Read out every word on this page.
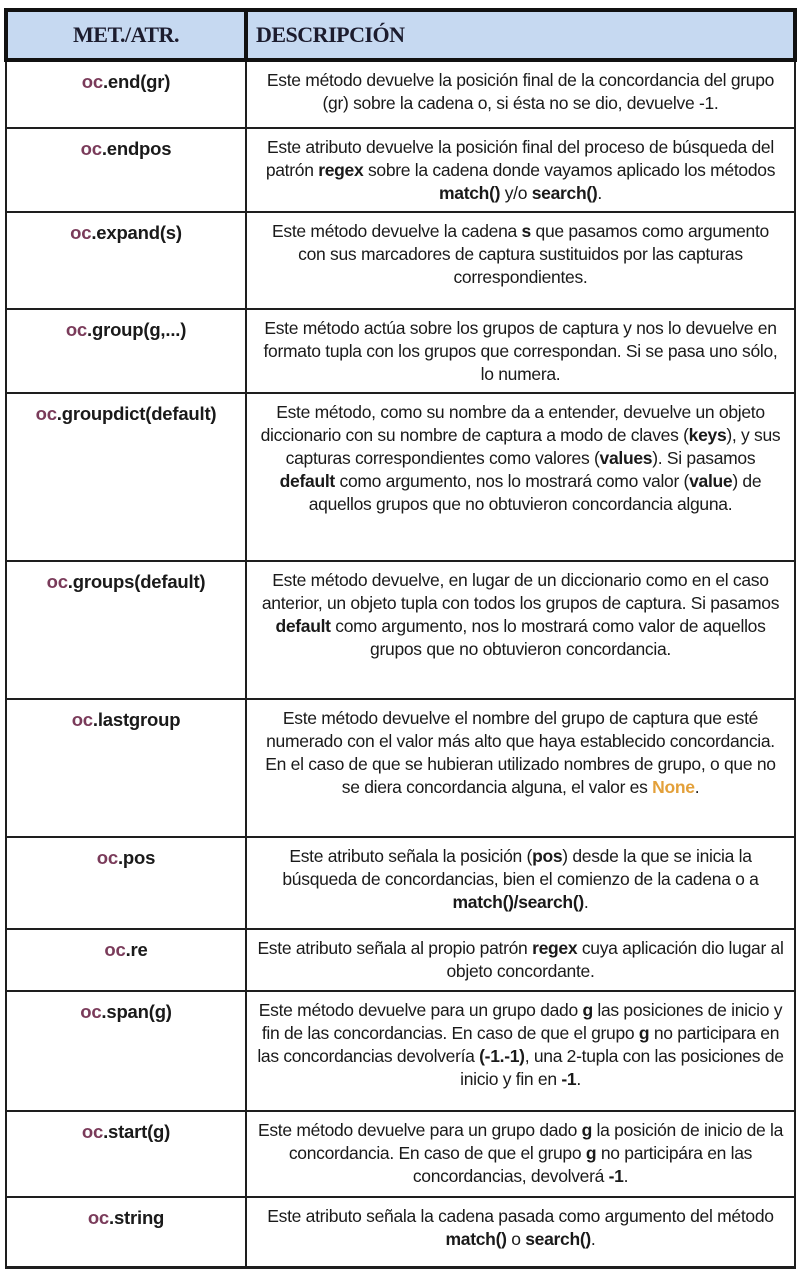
MET./ATR.	DESCRIPCIÓN
oc.end(gr)	Este método devuelve la posición final de la concordancia del grupo (gr) sobre la cadena o, si ésta no se dio, devuelve -1.
oc.endpos	Este atributo devuelve la posición final del proceso de búsqueda del patrón regex sobre la cadena donde vayamos aplicado los métodos match() y/o search().
oc.expand(s)	Este método devuelve la cadena s que pasamos como argumento con sus marcadores de captura sustituidos por las capturas correspondientes.
oc.group(g,...)	Este método actúa sobre los grupos de captura y nos lo devuelve en formato tupla con los grupos que correspondan. Si se pasa uno sólo, lo numera.
oc.groupdict(default)	Este método, como su nombre da a entender, devuelve un objeto diccionario con su nombre de captura a modo de claves (keys), y sus capturas correspondientes como valores (values). Si pasamos default como argumento, nos lo mostrará como valor (value) de aquellos grupos que no obtuvieron concordancia alguna.
oc.groups(default)	Este método devuelve, en lugar de un diccionario como en el caso anterior, un objeto tupla con todos los grupos de captura. Si pasamos default como argumento, nos lo mostrará como valor de aquellos grupos que no obtuvieron concordancia.
oc.lastgroup	Este método devuelve el nombre del grupo de captura que esté numerado con el valor más alto que haya establecido concordancia. En el caso de que se hubieran utilizado nombres de grupo, o que no se diera concordancia alguna, el valor es None.
oc.pos	Este atributo señala la posición (pos) desde la que se inicia la búsqueda de concordancias, bien el comienzo de la cadena o a match()/search().
oc.re	Este atributo señala al propio patrón regex cuya aplicación dio lugar al objeto concordante.
oc.span(g)	Este método devuelve para un grupo dado g las posiciones de inicio y fin de las concordancias. En caso de que el grupo g no participara en las concordancias devolvería (-1.-1), una 2-tupla con las posiciones de inicio y fin en -1.
oc.start(g)	Este método devuelve para un grupo dado g la posición de inicio de la concordancia. En caso de que el grupo g no participára en las concordancias, devolverá -1.
oc.string	Este atributo señala la cadena pasada como argumento del método match() o search().
